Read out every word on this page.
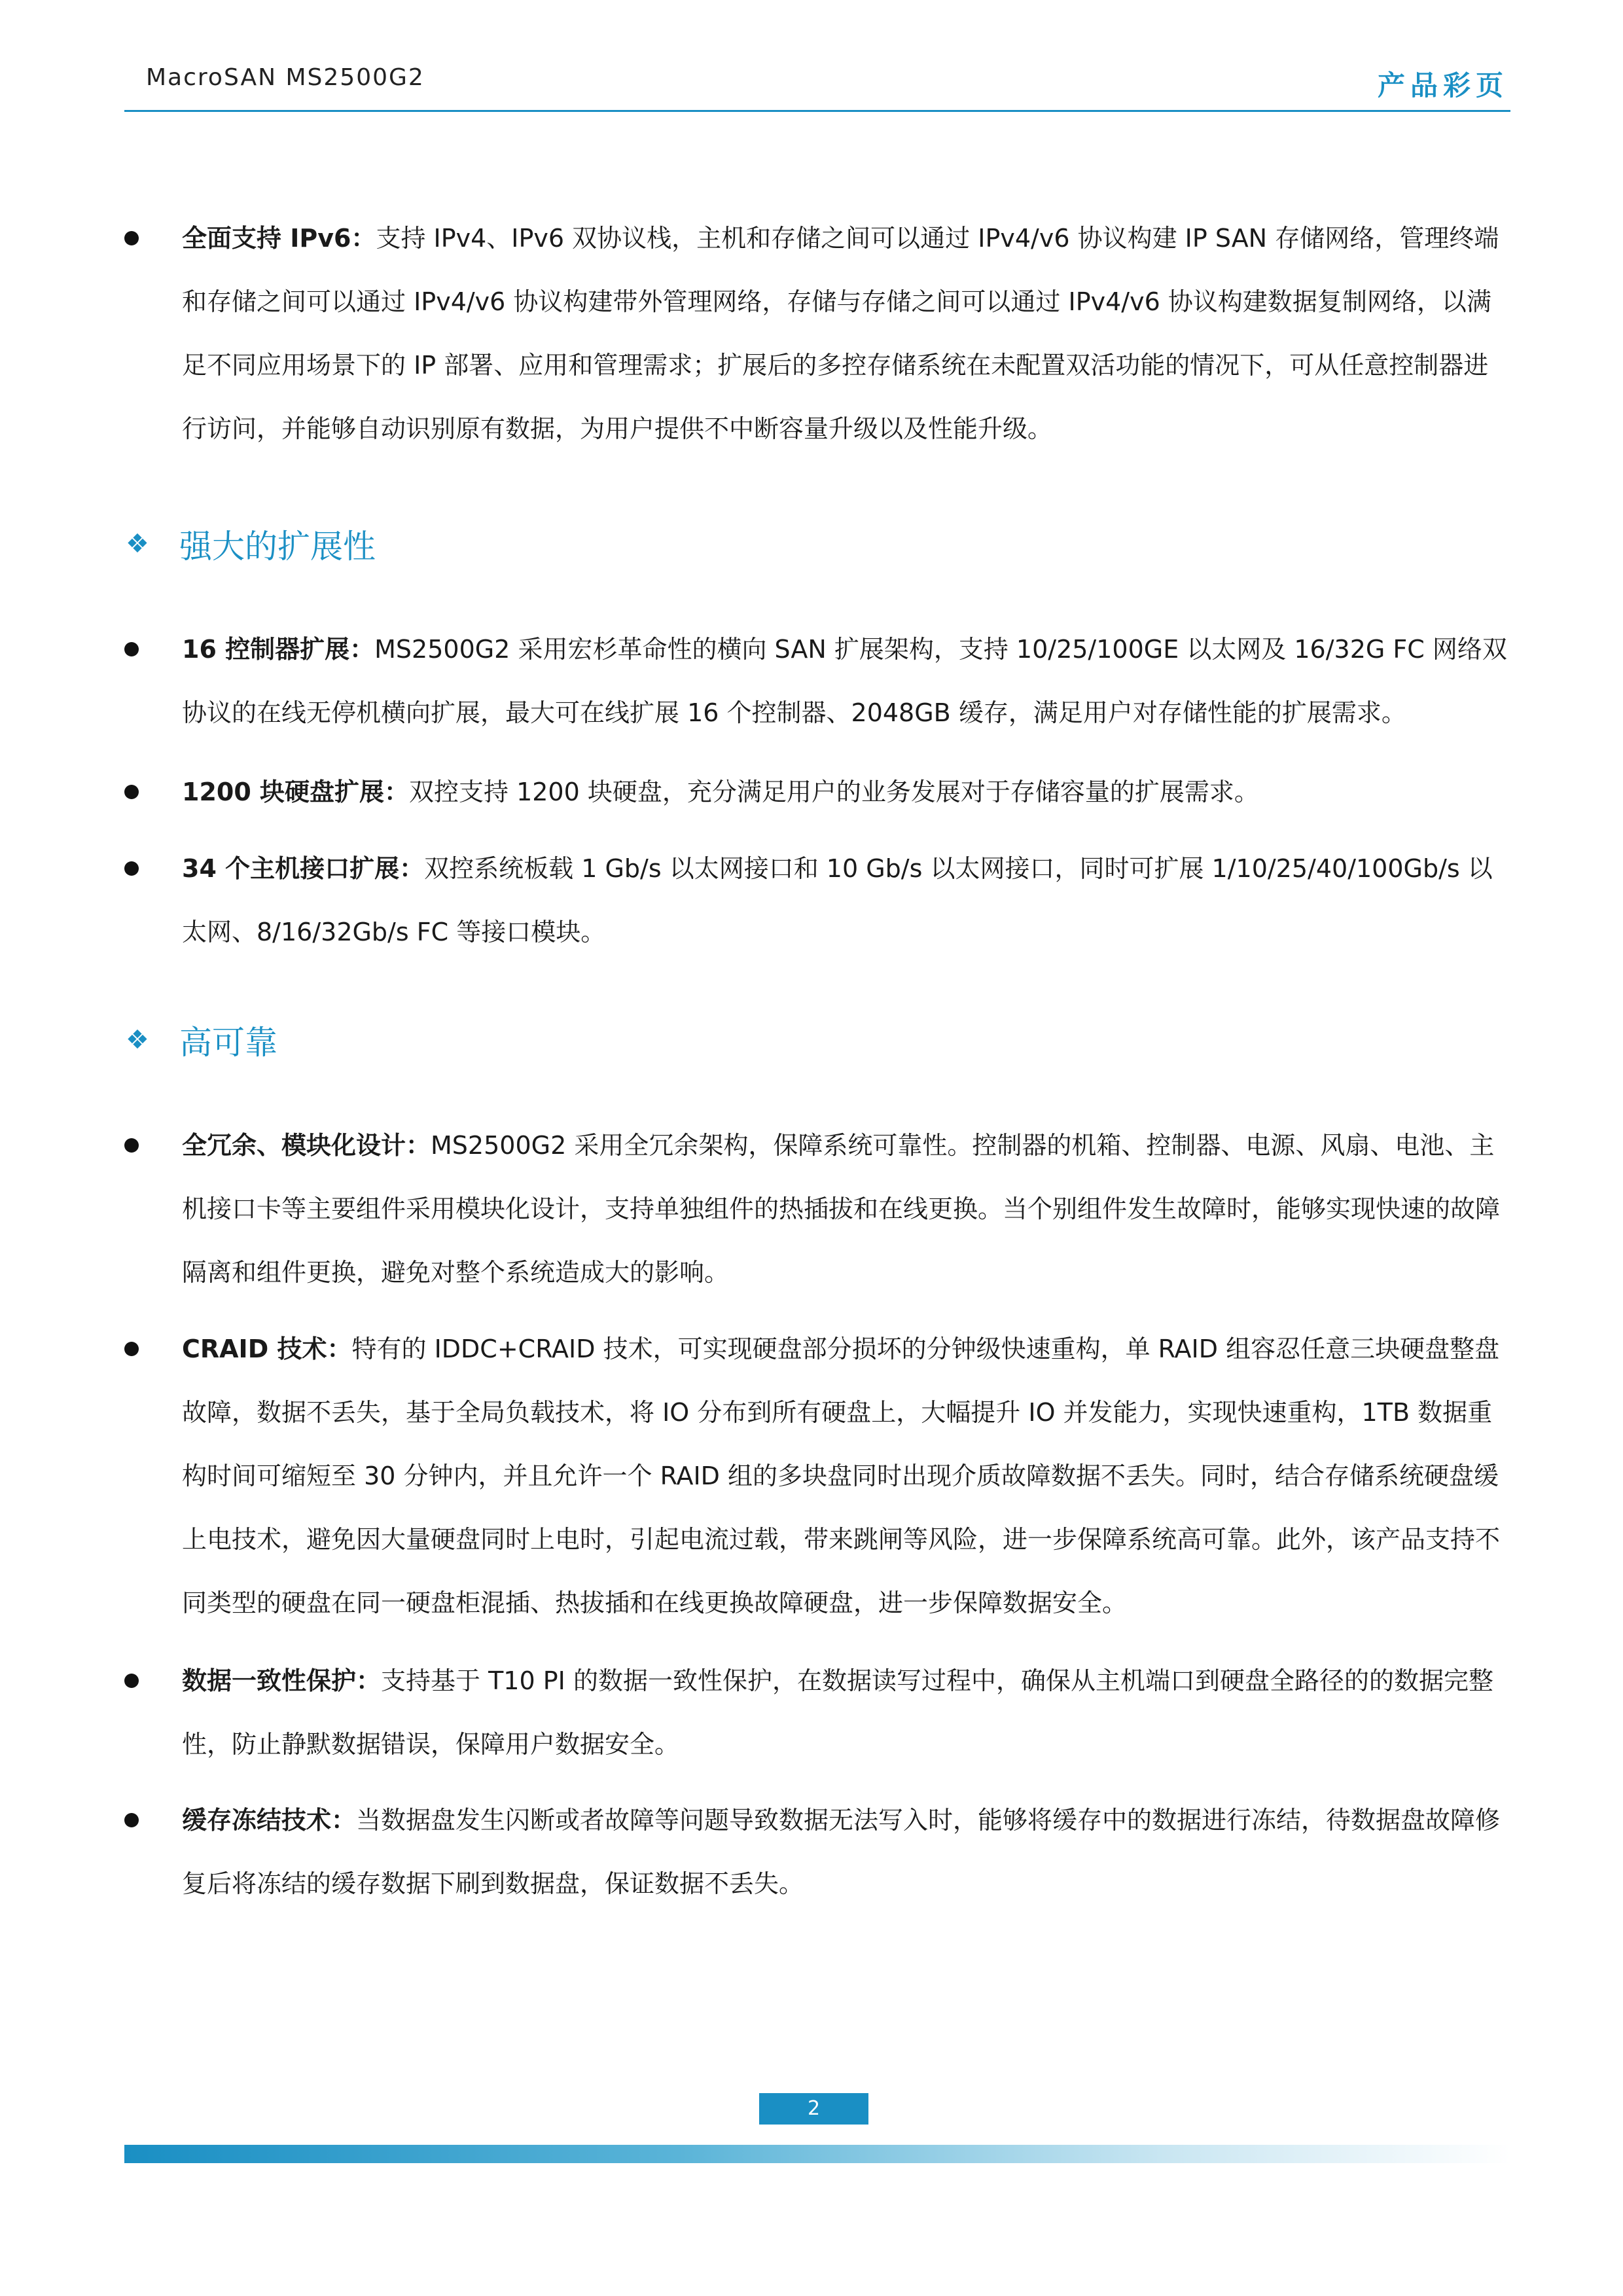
MacroSAN MS2500G2	产品彩页
全面支持 IPv6：支持 IPv4、IPv6 双协议栈，主机和存储之间可以通过 IPv4/v6 协议构建 IP SAN 存储网络，管理终端和存储之间可以通过 IPv4/v6 协议构建带外管理网络，存储与存储之间可以通过 IPv4/v6 协议构建数据复制网络，以满足不同应用场景下的 IP 部署、应用和管理需求；扩展后的多控存储系统在未配置双活功能的情况下，可从任意控制器进行访问，并能够自动识别原有数据，为用户提供不中断容量升级以及性能升级。
❖ 强大的扩展性
16 控制器扩展：MS2500G2 采用宏杉革命性的横向 SAN 扩展架构，支持 10/25/100GE 以太网及 16/32G FC 网络双协议的在线无停机横向扩展，最大可在线扩展 16 个控制器、2048GB 缓存，满足用户对存储性能的扩展需求。
1200 块硬盘扩展：双控支持 1200 块硬盘，充分满足用户的业务发展对于存储容量的扩展需求。
34 个主机接口扩展：双控系统板载 1 Gb/s 以太网接口和 10 Gb/s 以太网接口，同时可扩展 1/10/25/40/100Gb/s 以太网、8/16/32Gb/s FC 等接口模块。
❖ 高可靠
全冗余、模块化设计：MS2500G2 采用全冗余架构，保障系统可靠性。控制器的机箱、控制器、电源、风扇、电池、主机接口卡等主要组件采用模块化设计，支持单独组件的热插拔和在线更换。当个别组件发生故障时，能够实现快速的故障隔离和组件更换，避免对整个系统造成大的影响。
CRAID 技术：特有的 IDDC+CRAID 技术，可实现硬盘部分损坏的分钟级快速重构，单 RAID 组容忍任意三块硬盘整盘故障，数据不丢失，基于全局负载技术，将 IO 分布到所有硬盘上，大幅提升 IO 并发能力，实现快速重构，1TB 数据重构时间可缩短至 30 分钟内，并且允许一个 RAID 组的多块盘同时出现介质故障数据不丢失。同时，结合存储系统硬盘缓上电技术，避免因大量硬盘同时上电时，引起电流过载，带来跳闸等风险，进一步保障系统高可靠。此外，该产品支持不同类型的硬盘在同一硬盘柜混插、热拔插和在线更换故障硬盘，进一步保障数据安全。
数据一致性保护：支持基于 T10 PI 的数据一致性保护，在数据读写过程中，确保从主机端口到硬盘全路径的的数据完整性，防止静默数据错误，保障用户数据安全。
缓存冻结技术：当数据盘发生闪断或者故障等问题导致数据无法写入时，能够将缓存中的数据进行冻结，待数据盘故障修复后将冻结的缓存数据下刷到数据盘，保证数据不丢失。
2
